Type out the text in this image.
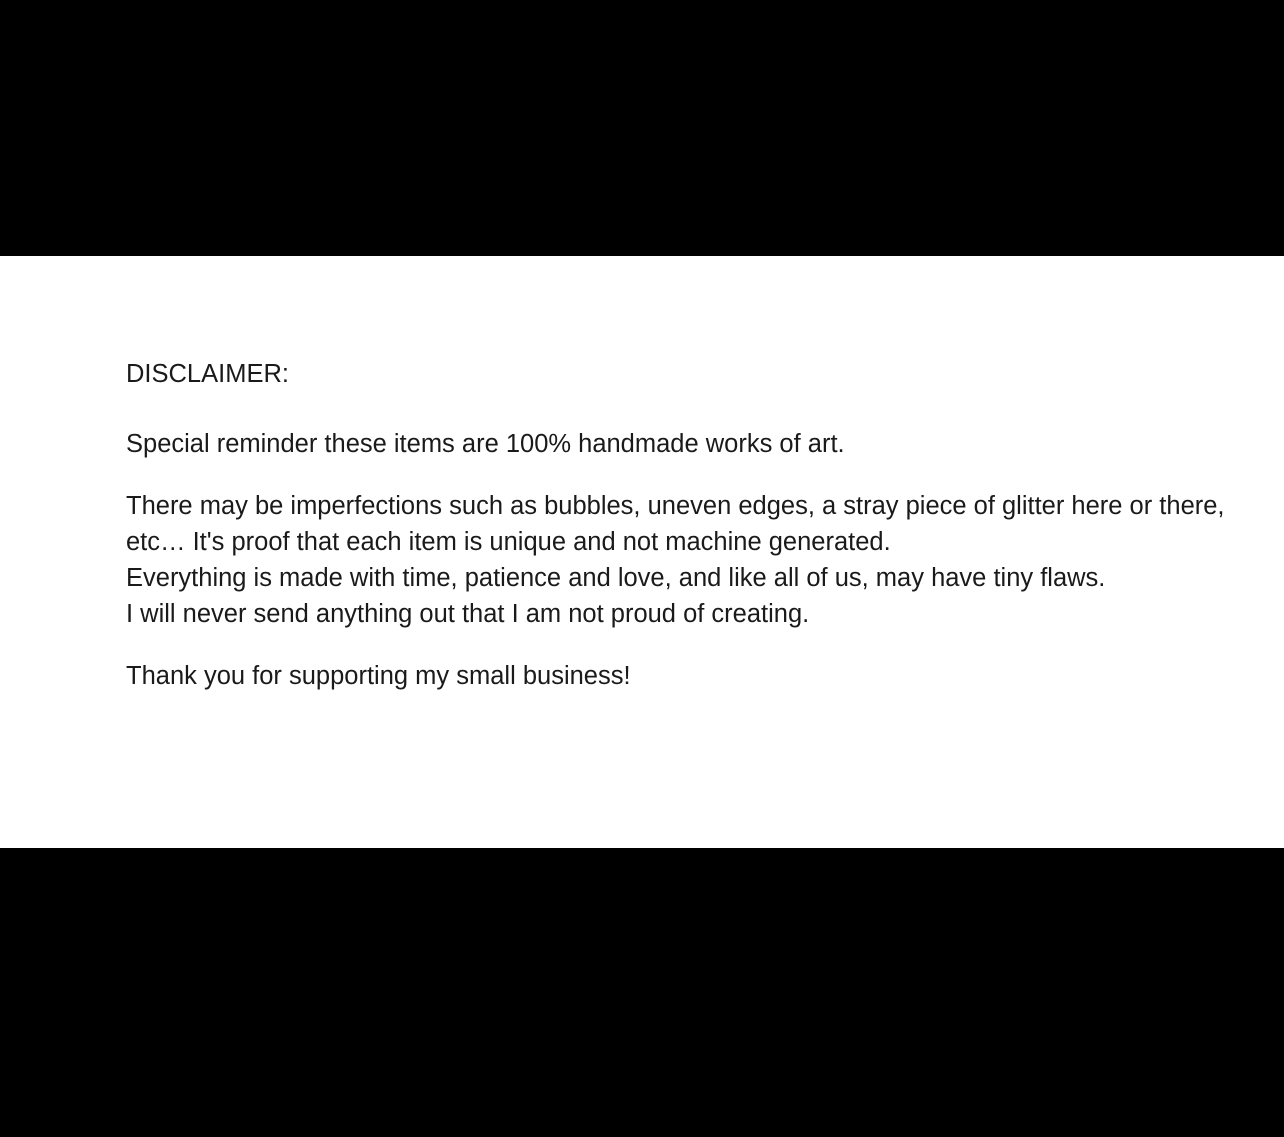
DISCLAIMER:

Special reminder these items are 100% handmade works of art.

There may be imperfections such as bubbles, uneven edges, a stray piece of glitter here or there, etc… It's proof that each item is unique and not machine generated.
Everything is made with time, patience and love, and like all of us, may have tiny flaws.
I will never send anything out that I am not proud of creating.

Thank you for supporting my small business!
